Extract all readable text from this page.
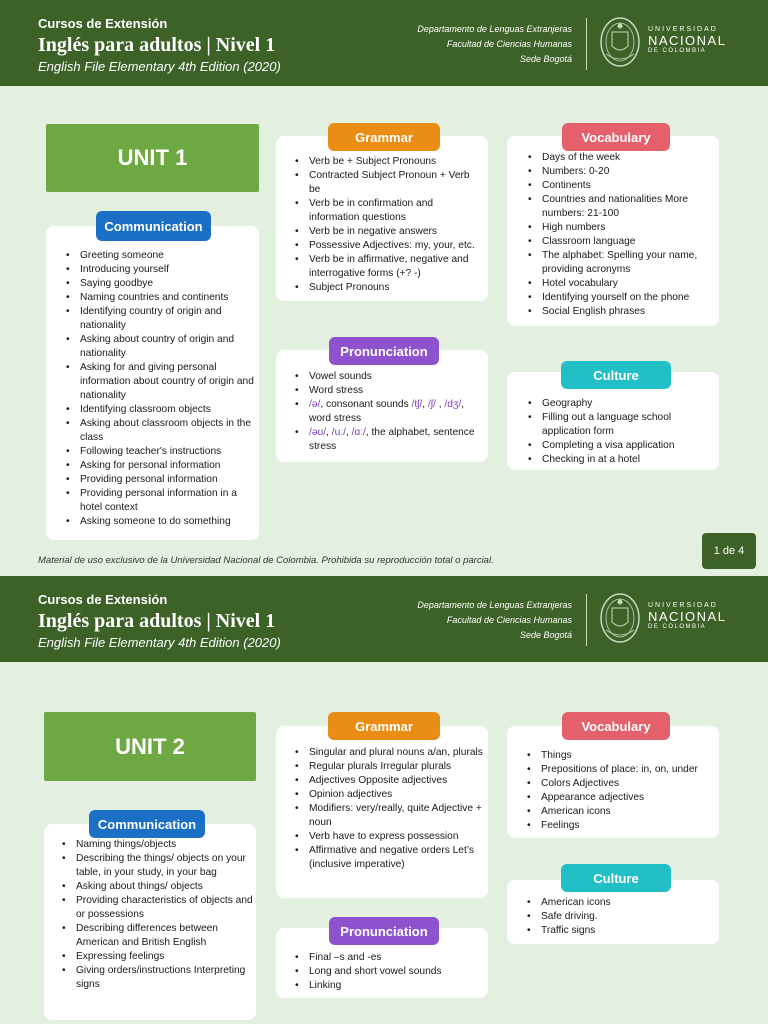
Cursos de Extensión
Inglés para adultos | Nivel 1
English File Elementary 4th Edition (2020)
Departamento de Lenguas Extranjeras
Facultad de Ciencias Humanas
Sede Bogotá
UNIVERSIDAD
NACIONAL
DE COLOMBIA
UNIT 1
Communication
• Greeting someone
• Introducing yourself
• Saying goodbye
• Naming countries and continents
• Identifying country of origin and nationality
• Asking about country of origin and nationality
• Asking for and giving personal information about country of origin and nationality
• Identifying classroom objects
• Asking about classroom objects in the class
• Following teacher's instructions
• Asking for personal information
• Providing personal information
• Providing personal information in a hotel context
• Asking someone to do something
Grammar
• Verb be + Subject Pronouns
• Contracted Subject Pronoun + Verb be
• Verb be in confirmation and information questions
• Verb be in negative answers
• Possessive Adjectives: my, your, etc.
• Verb be in affirmative, negative and interrogative forms (+? -)
• Subject Pronouns
Vocabulary
• Days of the week
• Numbers: 0-20
• Continents
• Countries and nationalities More numbers: 21-100
• High numbers
• Classroom language
• The alphabet: Spelling your name, providing acronyms
• Hotel vocabulary
• Identifying yourself on the phone
• Social English phrases
Pronunciation
• Vowel sounds
• Word stress
• /ə/, consonant sounds /tʃ/, /ʃ/ , /dʒ/, word stress
• /əʊ/, /uː/, /ɑː/, the alphabet, sentence stress
Culture
• Geography
• Filling out a language school application form
• Completing a visa application
• Checking in at a hotel
Material de uso exclusivo de la Universidad Nacional de Colombia. Prohibida su reproducción total o parcial.
1 de 4
Cursos de Extensión
Inglés para adultos | Nivel 1
English File Elementary 4th Edition (2020)
Departamento de Lenguas Extranjeras
Facultad de Ciencias Humanas
Sede Bogotá
UNIVERSIDAD
NACIONAL
DE COLOMBIA
UNIT 2
Communication
• Naming things/objects
• Describing the things/ objects on your table, in your study, in your bag
• Asking about things/ objects
• Providing characteristics of objects and or possessions
• Describing differences between American and British English
• Expressing feelings
• Giving orders/instructions Interpreting signs
Grammar
• Singular and plural nouns a/an, plurals
• Regular plurals Irregular plurals
• Adjectives Opposite adjectives
• Opinion adjectives
• Modifiers: very/really, quite Adjective + noun
• Verb have to express possession
• Affirmative and negative orders Let’s (inclusive imperative)
Vocabulary
• Things
• Prepositions of place: in, on, under
• Colors Adjectives
• Appearance adjectives
• American icons
• Feelings
Pronunciation
• Final –s and -es
• Long and short vowel sounds
• Linking
Culture
• American icons
• Safe driving.
• Traffic signs
